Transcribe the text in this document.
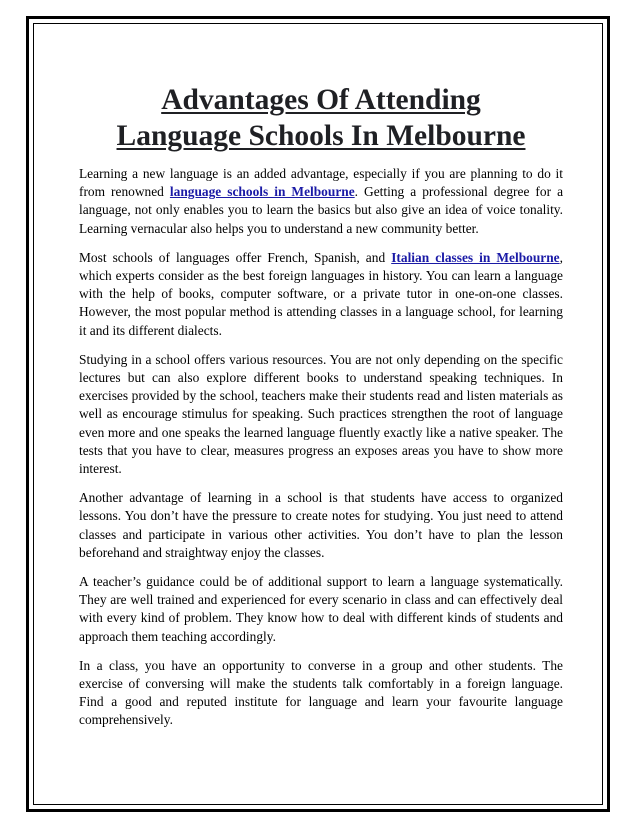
Advantages Of Attending
Language Schools In Melbourne

Learning a new language is an added advantage, especially if you are planning to do it from renowned language schools in Melbourne. Getting a professional degree for a language, not only enables you to learn the basics but also give an idea of voice tonality. Learning vernacular also helps you to understand a new community better.

Most schools of languages offer French, Spanish, and Italian classes in Melbourne, which experts consider as the best foreign languages in history. You can learn a language with the help of books, computer software, or a private tutor in one-on-one classes. However, the most popular method is attending classes in a language school, for learning it and its different dialects.

Studying in a school offers various resources. You are not only depending on the specific lectures but can also explore different books to understand speaking techniques. In exercises provided by the school, teachers make their students read and listen materials as well as encourage stimulus for speaking. Such practices strengthen the root of language even more and one speaks the learned language fluently exactly like a native speaker. The tests that you have to clear, measures progress an exposes areas you have to show more interest.

Another advantage of learning in a school is that students have access to organized lessons. You don’t have the pressure to create notes for studying. You just need to attend classes and participate in various other activities. You don’t have to plan the lesson beforehand and straightway enjoy the classes.

A teacher’s guidance could be of additional support to learn a language systematically. They are well trained and experienced for every scenario in class and can effectively deal with every kind of problem. They know how to deal with different kinds of students and approach them teaching accordingly.

In a class, you have an opportunity to converse in a group and other students. The exercise of conversing will make the students talk comfortably in a foreign language. Find a good and reputed institute for language and learn your favourite language comprehensively.
